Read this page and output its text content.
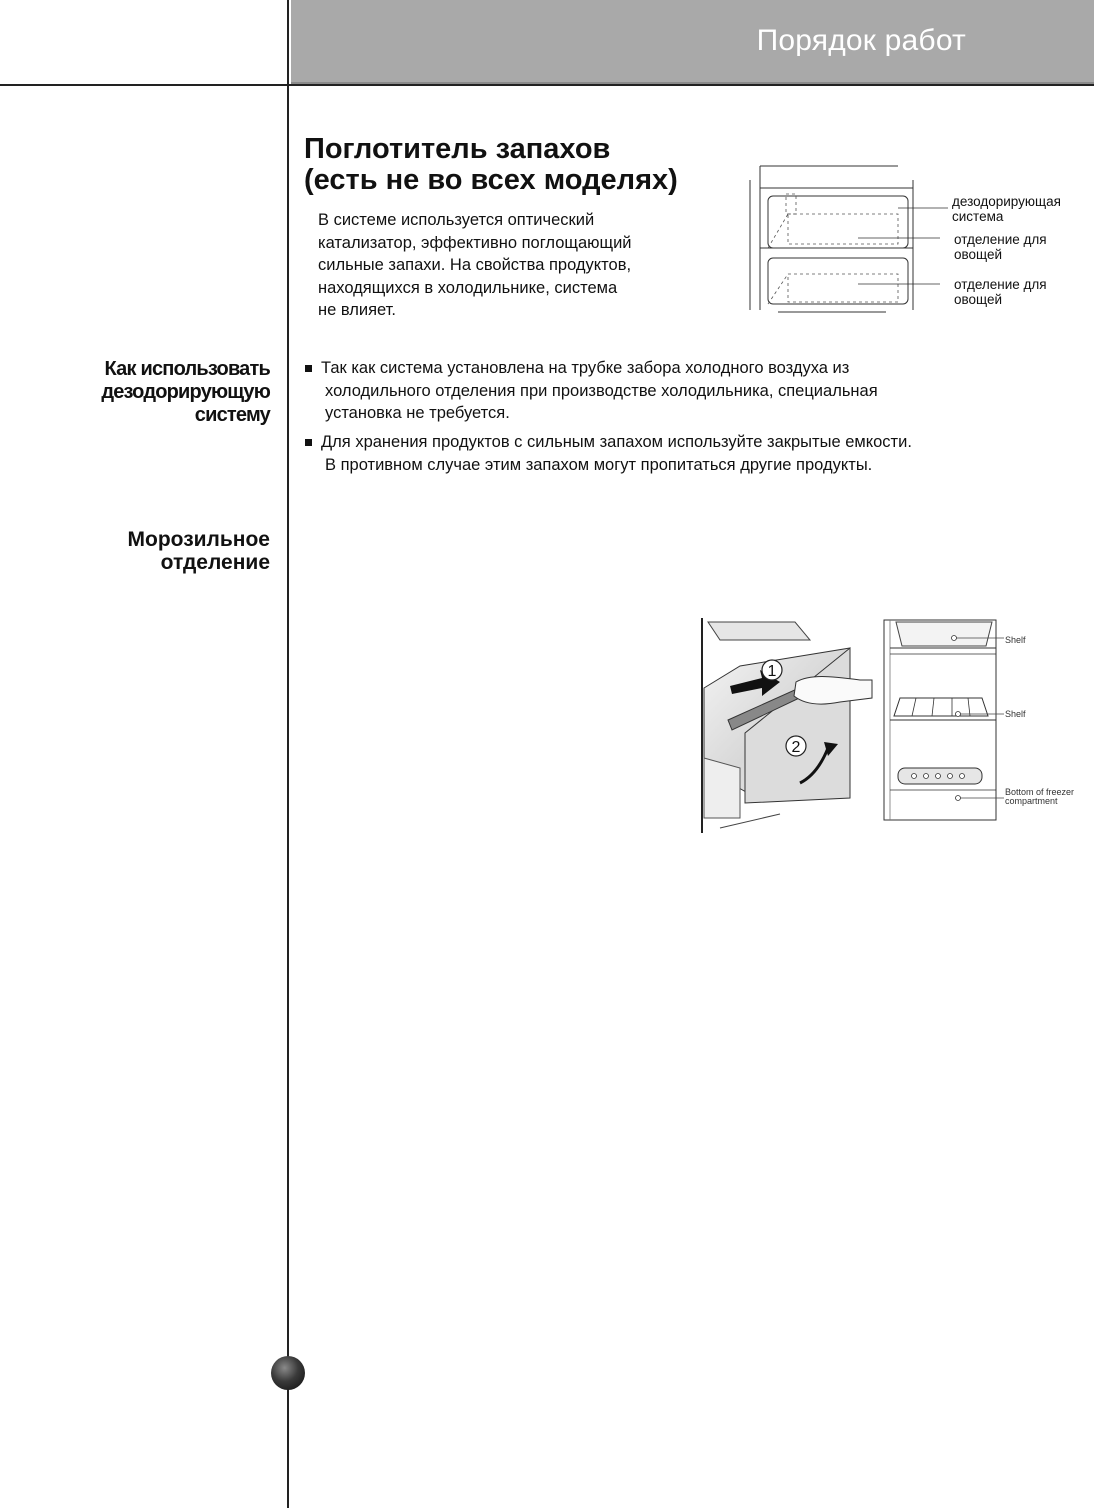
Порядок работ
Поглотитель запахов
(есть не во всех моделях)
В системе используется оптический
катализатор, эффективно поглощающий
сильные запахи. На свойства продуктов,
находящихся в холодильнике, система
не влияет.
дезодорирующая
система
отделение для
овощей
отделение для
овощей
Как использовать
дезодорирующую
систему
Морозильное
отделение
Так как система установлена на трубке забора холодного воздуха из
холодильного отделения при производстве холодильника, специальная
установка не требуется.
Для хранения продуктов с сильным запахом используйте закрытые емкости.
В противном случае этим запахом могут пропитаться другие продукты.
1
2
Shelf
Shelf
Bottom of freezer
compartment
